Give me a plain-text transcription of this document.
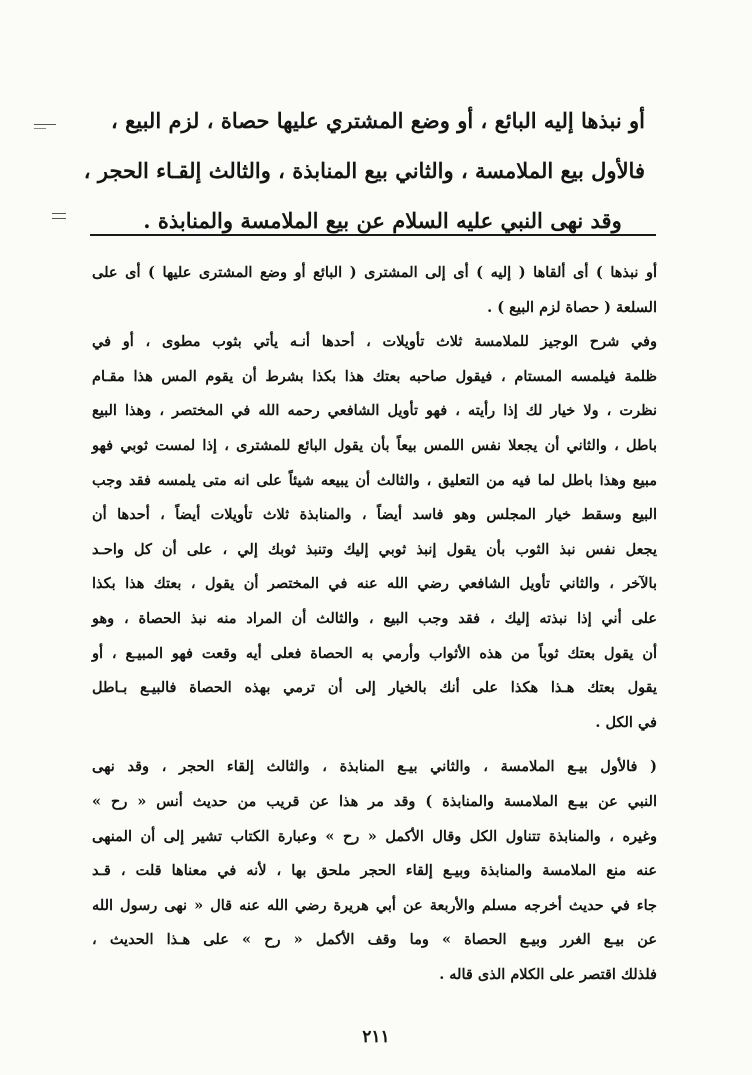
أو نبذها إليه البائع ، أو وضع المشتري عليها حصاة ، لزم البيع ،
فالأول بيع الملامسة ، والثاني بيع المنابذة ، والثالث إلقـاء الحجر ،
وقد نهى النبي عليه السلام عن بيع الملامسة والمنابذة .
أو نبذها ) أى ألقاها ( إليه ) أى إلى المشترى ( البائع أو وضع المشترى عليها ) أى على
السلعة ( حصاة لزم البيع ) .
وفي شرح الوجيز للملامسة ثلاث تأويلات ، أحدها أنـه يأتي بثوب مطوى ، أو في
ظلمة فيلمسه المستام ، فيقول صاحبه بعتك هذا بكذا بشرط أن يقوم المس هذا مقـام
نظرت ، ولا خيار لك إذا رأيته ، فهو تأويل الشافعي رحمه الله في المختصر ، وهذا البيع
باطل ، والثاني أن يجعلا نفس اللمس بيعاً بأن يقول البائع للمشترى ، إذا لمست ثوبي فهو
مبيع وهذا باطل لما فيه من التعليق ، والثالث أن يبيعه شيئاً على انه متى يلمسه فقد وجب
البيع وسقط خيار المجلس وهو فاسد أيضاً ، والمنابذة ثلاث تأويلات أيضاً ، أحدها أن
يجعل نفس نبذ الثوب بأن يقول إنبذ ثوبي إليك وتنبذ ثوبك إلي ، على أن كل واحـد
بالآخر ، والثاني تأويل الشافعي رضي الله عنه في المختصر أن يقول ، بعتك هذا بكذا
على أني إذا نبذته إليك ، فقد وجب البيع ، والثالث أن المراد منه نبذ الحصاة ، وهو
أن يقول بعتك ثوباً من هذه الأثواب وأرمي به الحصاة فعلى أيه وقعت فهو المبيـع ، أو
يقول بعتك هـذا هكذا على أنك بالخيار إلى أن ترمي بهذه الحصاة فالبيـع بـاطل
في الكل .
( فالأول بيـع الملامسة ، والثاني بيـع المنابذة ، والثالث إلقاء الحجر ، وقد نهى
النبي عن بيـع الملامسة والمنابذة ) وقد مر هذا عن قريب من حديث أنس « رح »
وغيره ، والمنابذة تتناول الكل وقال الأكمل « رح » وعبارة الكتاب تشير إلى أن المنهى
عنه منع الملامسة والمنابذة وبيـع إلقاء الحجر ملحق بها ، لأنه في معناها قلت ، قـد
جاء في حديث أخرجه مسلم والأربعة عن أبي هريرة رضي الله عنه قال « نهى رسول الله
عن بيـع الغرر وبيـع الحصاة » وما وقف الأكمل « رح » على هـذا الحديث ،
فلذلك اقتصر على الكلام الذى قاله .
٢١١
